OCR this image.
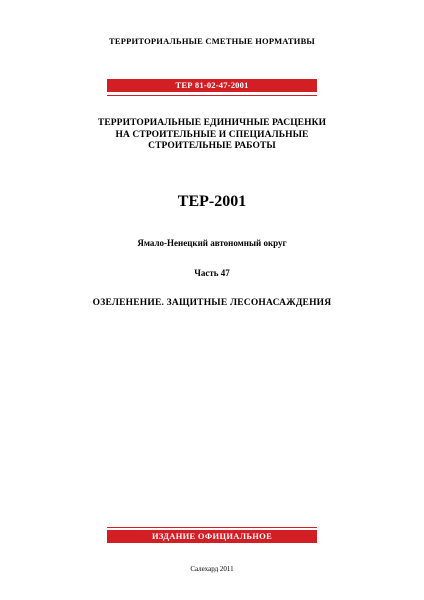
ТЕРРИТОРИАЛЬНЫЕ СМЕТНЫЕ НОРМАТИВЫ
ТЕР 81-02-47-2001
ТЕРРИТОРИАЛЬНЫЕ ЕДИНИЧНЫЕ РАСЦЕНКИ
НА СТРОИТЕЛЬНЫЕ И СПЕЦИАЛЬНЫЕ
СТРОИТЕЛЬНЫЕ РАБОТЫ
ТЕР-2001
Ямало-Ненецкий автономный округ
Часть 47
ОЗЕЛЕНЕНИЕ. ЗАЩИТНЫЕ ЛЕСОНАСАЖДЕНИЯ
ИЗДАНИЕ ОФИЦИАЛЬНОЕ
Салехард 2011
